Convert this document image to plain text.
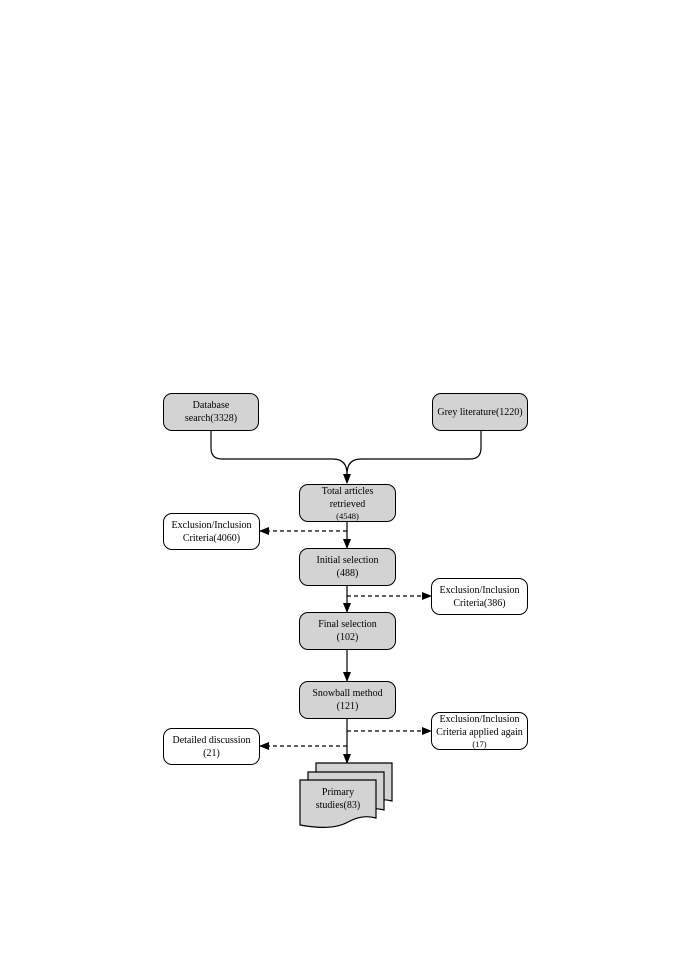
Database
search(3328)
Grey literature(1220)
Total articles
retrieved
(4548)
Exclusion/Inclusion
Criteria(4060)
Initial selection
(488)
Exclusion/Inclusion
Criteria(386)
Final selection
(102)
Snowball method
(121)
Exclusion/Inclusion
Criteria applied again
(17)
Detailed discussion
(21)
Primary
studies(83)
